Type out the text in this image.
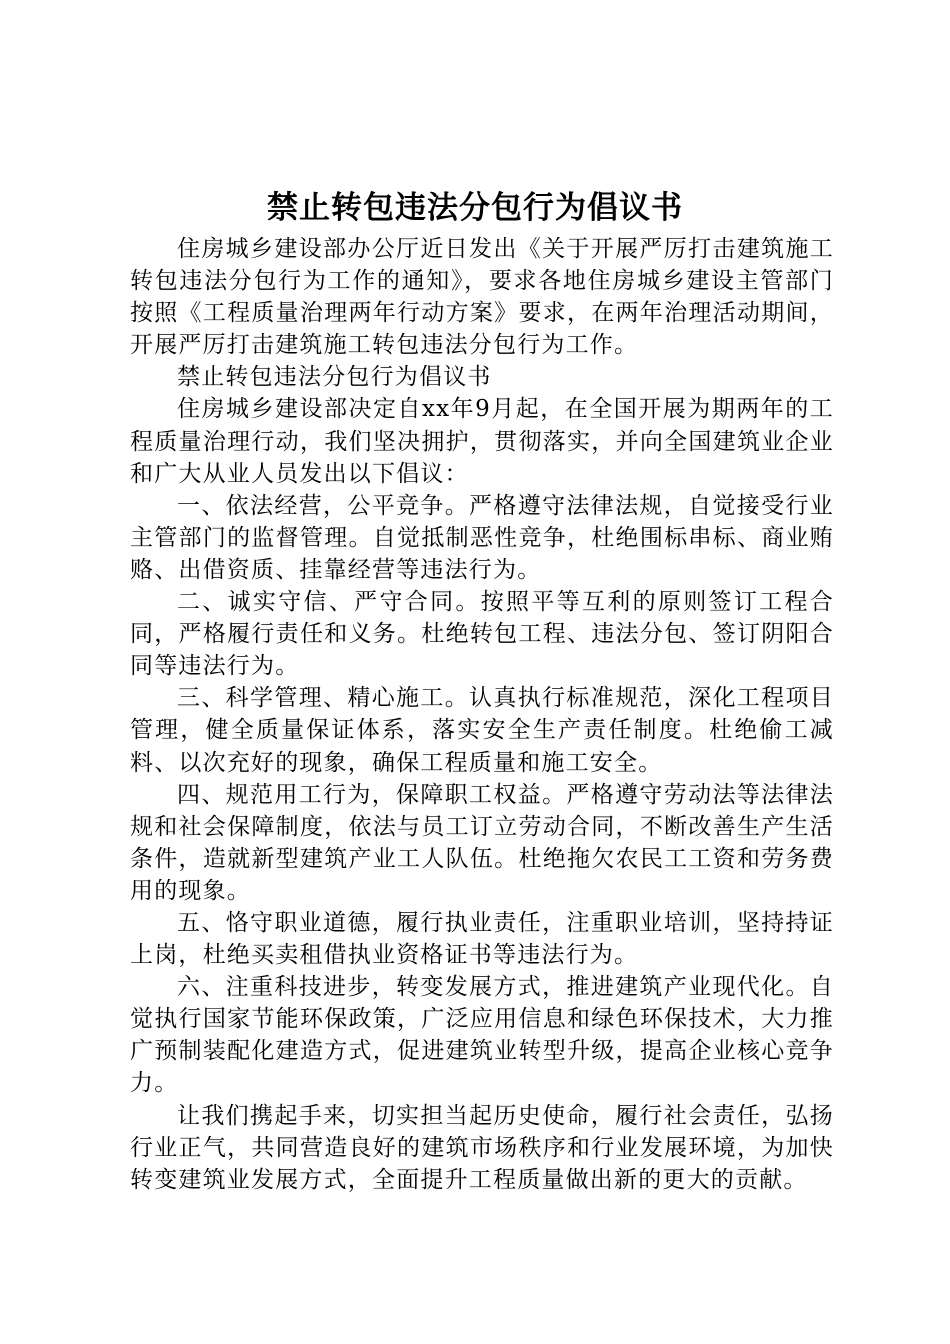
禁止转包违法分包行为倡议书

住房城乡建设部办公厅近日发出《关于开展严厉打击建筑施工转包违法分包行为工作的通知》，要求各地住房城乡建设主管部门按照《工程质量治理两年行动方案》要求，在两年治理活动期间，开展严厉打击建筑施工转包违法分包行为工作。

禁止转包违法分包行为倡议书

住房城乡建设部决定自xx年9月起，在全国开展为期两年的工程质量治理行动，我们坚决拥护，贯彻落实，并向全国建筑业企业和广大从业人员发出以下倡议：

一、依法经营，公平竞争。严格遵守法律法规，自觉接受行业主管部门的监督管理。自觉抵制恶性竞争，杜绝围标串标、商业贿赂、出借资质、挂靠经营等违法行为。

二、诚实守信、严守合同。按照平等互利的原则签订工程合同，严格履行责任和义务。杜绝转包工程、违法分包、签订阴阳合同等违法行为。

三、科学管理、精心施工。认真执行标准规范，深化工程项目管理，健全质量保证体系，落实安全生产责任制度。杜绝偷工减料、以次充好的现象，确保工程质量和施工安全。

四、规范用工行为，保障职工权益。严格遵守劳动法等法律法规和社会保障制度，依法与员工订立劳动合同，不断改善生产生活条件，造就新型建筑产业工人队伍。杜绝拖欠农民工工资和劳务费用的现象。

五、恪守职业道德，履行执业责任，注重职业培训，坚持持证上岗，杜绝买卖租借执业资格证书等违法行为。

六、注重科技进步，转变发展方式，推进建筑产业现代化。自觉执行国家节能环保政策，广泛应用信息和绿色环保技术，大力推广预制装配化建造方式，促进建筑业转型升级，提高企业核心竞争力。

让我们携起手来，切实担当起历史使命，履行社会责任，弘扬行业正气，共同营造良好的建筑市场秩序和行业发展环境，为加快转变建筑业发展方式，全面提升工程质量做出新的更大的贡献。
